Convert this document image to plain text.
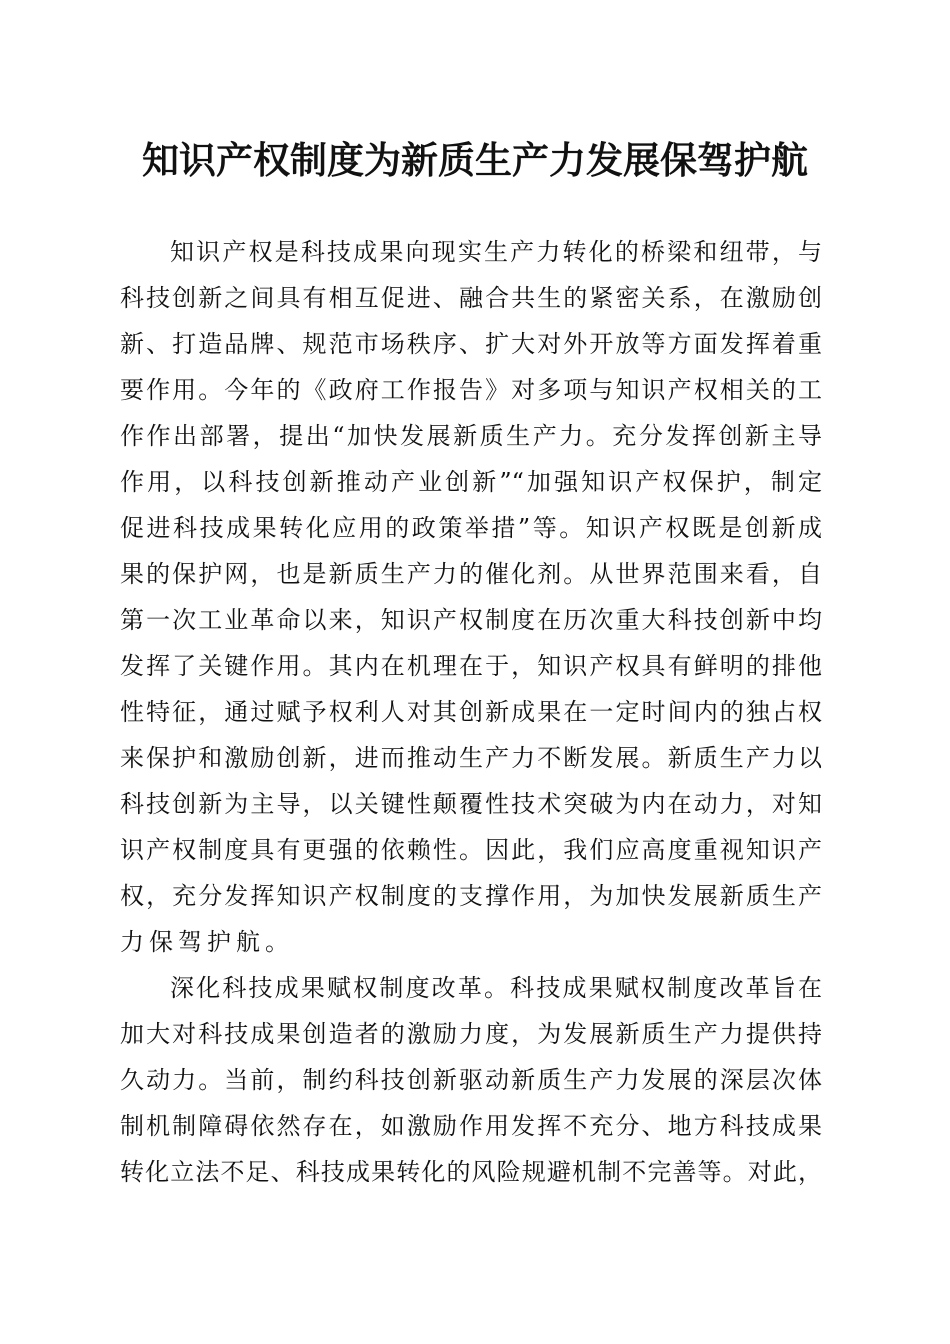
知识产权制度为新质生产力发展保驾护航
知识产权是科技成果向现实生产力转化的桥梁和纽带，与
科技创新之间具有相互促进、融合共生的紧密关系，在激励创
新、打造品牌、规范市场秩序、扩大对外开放等方面发挥着重
要作用。今年的《政府工作报告》对多项与知识产权相关的工
作作出部署，提出“加快发展新质生产力。充分发挥创新主导
作用，以科技创新推动产业创新”“加强知识产权保护，制定
促进科技成果转化应用的政策举措”等。知识产权既是创新成
果的保护网，也是新质生产力的催化剂。从世界范围来看，自
第一次工业革命以来，知识产权制度在历次重大科技创新中均
发挥了关键作用。其内在机理在于，知识产权具有鲜明的排他
性特征，通过赋予权利人对其创新成果在一定时间内的独占权
来保护和激励创新，进而推动生产力不断发展。新质生产力以
科技创新为主导，以关键性颠覆性技术突破为内在动力，对知
识产权制度具有更强的依赖性。因此，我们应高度重视知识产
权，充分发挥知识产权制度的支撑作用，为加快发展新质生产
力保驾护航。
深化科技成果赋权制度改革。科技成果赋权制度改革旨在
加大对科技成果创造者的激励力度，为发展新质生产力提供持
久动力。当前，制约科技创新驱动新质生产力发展的深层次体
制机制障碍依然存在，如激励作用发挥不充分、地方科技成果
转化立法不足、科技成果转化的风险规避机制不完善等。对此，
